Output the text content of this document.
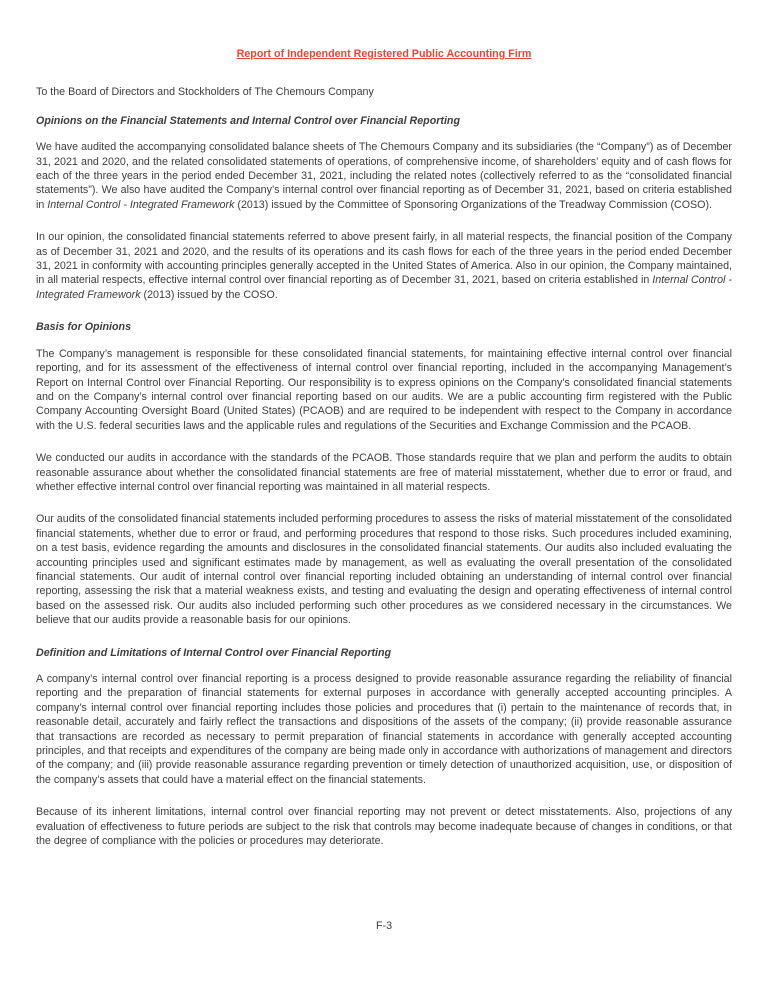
Report of Independent Registered Public Accounting Firm

To the Board of Directors and Stockholders of The Chemours Company

Opinions on the Financial Statements and Internal Control over Financial Reporting

We have audited the accompanying consolidated balance sheets of The Chemours Company and its subsidiaries (the “Company”) as of December 31, 2021 and 2020, and the related consolidated statements of operations, of comprehensive income, of shareholders’ equity and of cash flows for each of the three years in the period ended December 31, 2021, including the related notes (collectively referred to as the “consolidated financial statements”). We also have audited the Company’s internal control over financial reporting as of December 31, 2021, based on criteria established in Internal Control - Integrated Framework (2013) issued by the Committee of Sponsoring Organizations of the Treadway Commission (COSO).

In our opinion, the consolidated financial statements referred to above present fairly, in all material respects, the financial position of the Company as of December 31, 2021 and 2020, and the results of its operations and its cash flows for each of the three years in the period ended December 31, 2021 in conformity with accounting principles generally accepted in the United States of America. Also in our opinion, the Company maintained, in all material respects, effective internal control over financial reporting as of December 31, 2021, based on criteria established in Internal Control - Integrated Framework (2013) issued by the COSO.

Basis for Opinions

The Company’s management is responsible for these consolidated financial statements, for maintaining effective internal control over financial reporting, and for its assessment of the effectiveness of internal control over financial reporting, included in the accompanying Management’s Report on Internal Control over Financial Reporting. Our responsibility is to express opinions on the Company’s consolidated financial statements and on the Company’s internal control over financial reporting based on our audits. We are a public accounting firm registered with the Public Company Accounting Oversight Board (United States) (PCAOB) and are required to be independent with respect to the Company in accordance with the U.S. federal securities laws and the applicable rules and regulations of the Securities and Exchange Commission and the PCAOB.

We conducted our audits in accordance with the standards of the PCAOB. Those standards require that we plan and perform the audits to obtain reasonable assurance about whether the consolidated financial statements are free of material misstatement, whether due to error or fraud, and whether effective internal control over financial reporting was maintained in all material respects.

Our audits of the consolidated financial statements included performing procedures to assess the risks of material misstatement of the consolidated financial statements, whether due to error or fraud, and performing procedures that respond to those risks. Such procedures included examining, on a test basis, evidence regarding the amounts and disclosures in the consolidated financial statements. Our audits also included evaluating the accounting principles used and significant estimates made by management, as well as evaluating the overall presentation of the consolidated financial statements. Our audit of internal control over financial reporting included obtaining an understanding of internal control over financial reporting, assessing the risk that a material weakness exists, and testing and evaluating the design and operating effectiveness of internal control based on the assessed risk. Our audits also included performing such other procedures as we considered necessary in the circumstances. We believe that our audits provide a reasonable basis for our opinions.

Definition and Limitations of Internal Control over Financial Reporting

A company’s internal control over financial reporting is a process designed to provide reasonable assurance regarding the reliability of financial reporting and the preparation of financial statements for external purposes in accordance with generally accepted accounting principles. A company’s internal control over financial reporting includes those policies and procedures that (i) pertain to the maintenance of records that, in reasonable detail, accurately and fairly reflect the transactions and dispositions of the assets of the company; (ii) provide reasonable assurance that transactions are recorded as necessary to permit preparation of financial statements in accordance with generally accepted accounting principles, and that receipts and expenditures of the company are being made only in accordance with authorizations of management and directors of the company; and (iii) provide reasonable assurance regarding prevention or timely detection of unauthorized acquisition, use, or disposition of the company’s assets that could have a material effect on the financial statements.

Because of its inherent limitations, internal control over financial reporting may not prevent or detect misstatements. Also, projections of any evaluation of effectiveness to future periods are subject to the risk that controls may become inadequate because of changes in conditions, or that the degree of compliance with the policies or procedures may deteriorate.

F-3
